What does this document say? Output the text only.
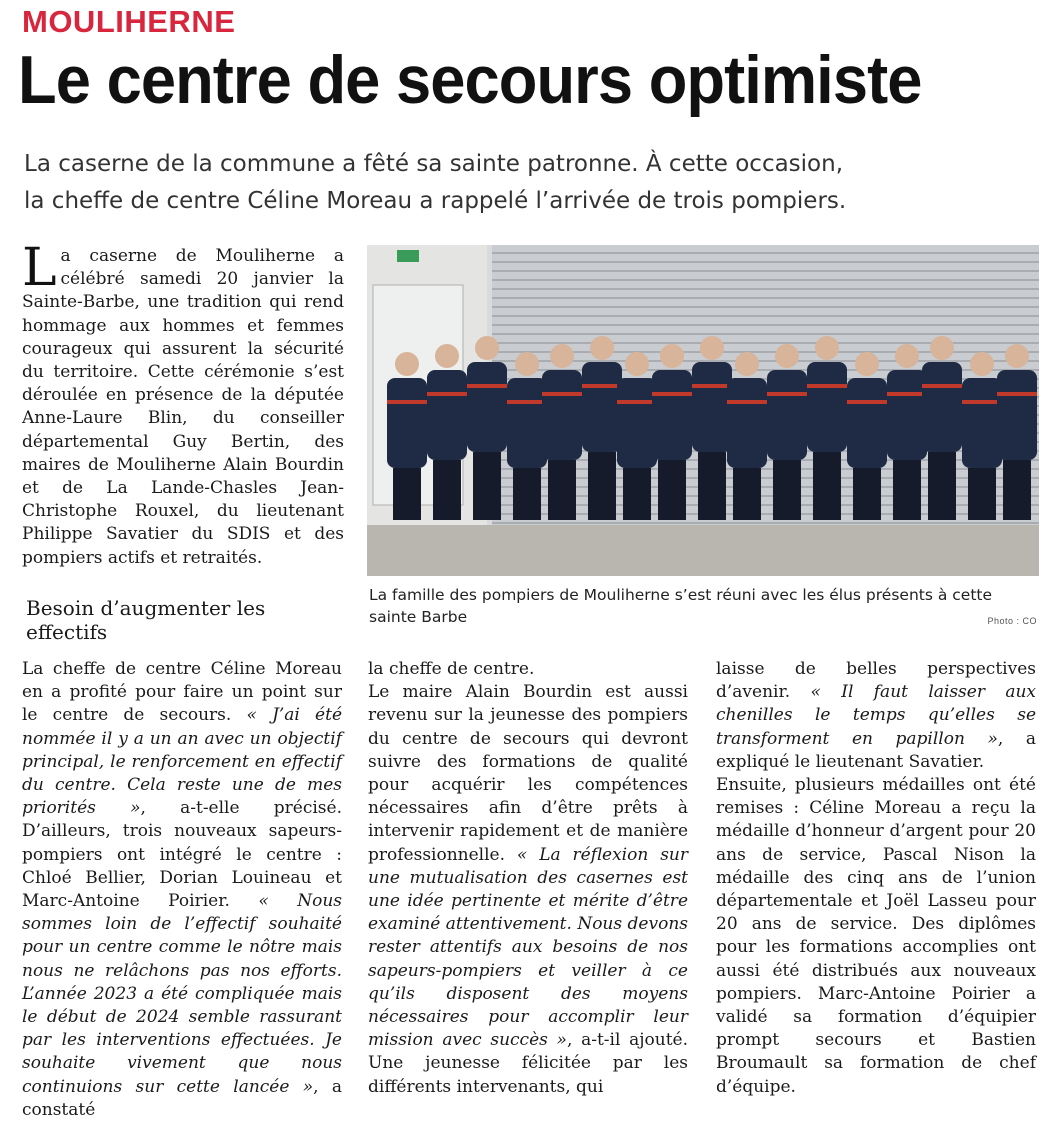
MOULIHERNE
Le centre de secours optimiste
La caserne de la commune a fêté sa sainte patronne. À cette occasion,
la cheffe de centre Céline Moreau a rappelé l’arrivée de trois pompiers.
La caserne de Mouliherne a célébré samedi 20 janvier la Sainte-Barbe, une tradition qui rend hommage aux hommes et femmes courageux qui assurent la sécurité du territoire. Cette cérémonie s’est déroulée en présence de la députée Anne-Laure Blin, du conseiller départemental Guy Bertin, des maires de Mouliherne Alain Bourdin et de La Lande-Chasles Jean-Christophe Rouxel, du lieutenant Philippe Savatier du SDIS et des pompiers actifs et retraités.
Besoin d’augmenter les effectifs
La cheffe de centre Céline Moreau en a profité pour faire un point sur le centre de secours. « J’ai été nommée il y a un an avec un objectif principal, le renforcement en effectif du centre. Cela reste une de mes priorités », a-t-elle précisé. D’ailleurs, trois nouveaux sapeurs-pompiers ont intégré le centre : Chloé Bellier, Dorian Louineau et Marc-Antoine Poirier. « Nous sommes loin de l’effectif souhaité pour un centre comme le nôtre mais nous ne relâchons pas nos efforts. L’année 2023 a été compliquée mais le début de 2024 semble rassurant par les interventions effectuées. Je souhaite vivement que nous continuions sur cette lancée », a constaté
la cheffe de centre.
Le maire Alain Bourdin est aussi revenu sur la jeunesse des pompiers du centre de secours qui devront suivre des formations de qualité pour acquérir les compétences nécessaires afin d’être prêts à intervenir rapidement et de manière professionnelle. « La réflexion sur une mutualisation des casernes est une idée pertinente et mérite d’être examiné attentivement. Nous devons rester attentifs aux besoins de nos sapeurs-pompiers et veiller à ce qu’ils disposent des moyens nécessaires pour accomplir leur mission avec succès », a-t-il ajouté. Une jeunesse félicitée par les différents intervenants, qui
laisse de belles perspectives d’avenir. « Il faut laisser aux chenilles le temps qu’elles se transforment en papillon », a expliqué le lieutenant Savatier.
Ensuite, plusieurs médailles ont été remises : Céline Moreau a reçu la médaille d’honneur d’argent pour 20 ans de service, Pascal Nison la médaille des cinq ans de l’union départementale et Joël Lasseu pour 20 ans de service. Des diplômes pour les formations accomplies ont aussi été distribués aux nouveaux pompiers. Marc-Antoine Poirier a validé sa formation d’équipier prompt secours et Bastien Broumault sa formation de chef d’équipe.
La famille des pompiers de Mouliherne s’est réuni avec les élus présents à cette sainte Barbe	Photo : CO
